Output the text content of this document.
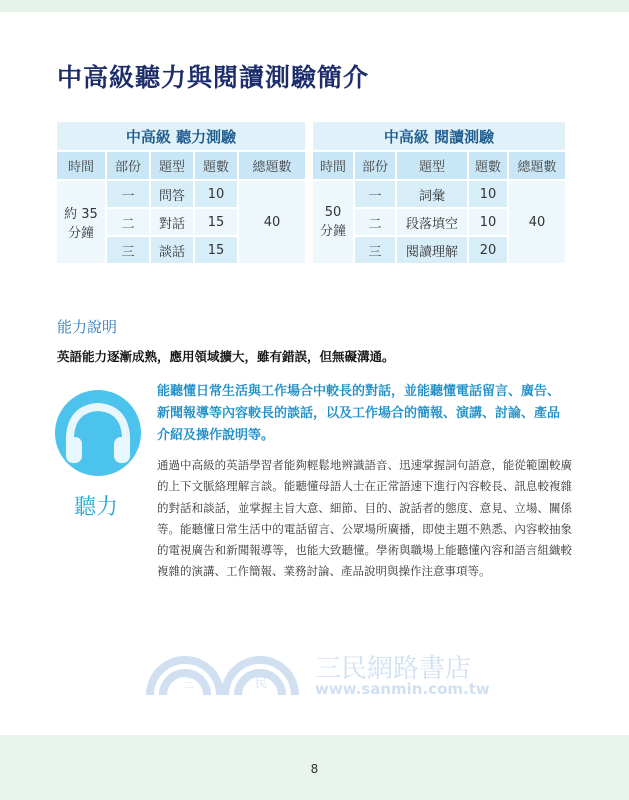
中高級聽力與閱讀測驗簡介
中高級 聽力測驗				
時間	部份	題型	題數	總題數
約 35 分鐘	一	問答	10	40
	二	對話	15	
	三	談話	15	
中高級 閱讀測驗				
時間	部份	題型	題數	總題數
50 分鐘	一	詞彙	10	40
	二	段落填空	10	
	三	閱讀理解	20	
能力說明
英語能力逐漸成熟，應用領域擴大，雖有錯誤，但無礙溝通。
聽力
能聽懂日常生活與工作場合中較長的對話，並能聽懂電話留言、廣告、新聞報導等內容較長的談話，以及工作場合的簡報、演講、討論、產品介紹及操作說明等。
通過中高級的英語學習者能夠輕鬆地辨識語音、迅速掌握詞句語意，能從範圍較廣的上下文脈絡理解言談。能聽懂母語人士在正常語速下進行內容較長、訊息較複雜的對話和談話，並掌握主旨大意、細節、目的、說話者的態度、意見、立場、關係等。能聽懂日常生活中的電話留言、公眾場所廣播，即使主題不熟悉、內容較抽象的電視廣告和新聞報導等，也能大致聽懂。學術與職場上能聽懂內容和語言組織較複雜的演講、工作簡報、業務討論、產品說明與操作注意事項等。
三	民 三民網路書店
www.sanmin.com.tw
8
